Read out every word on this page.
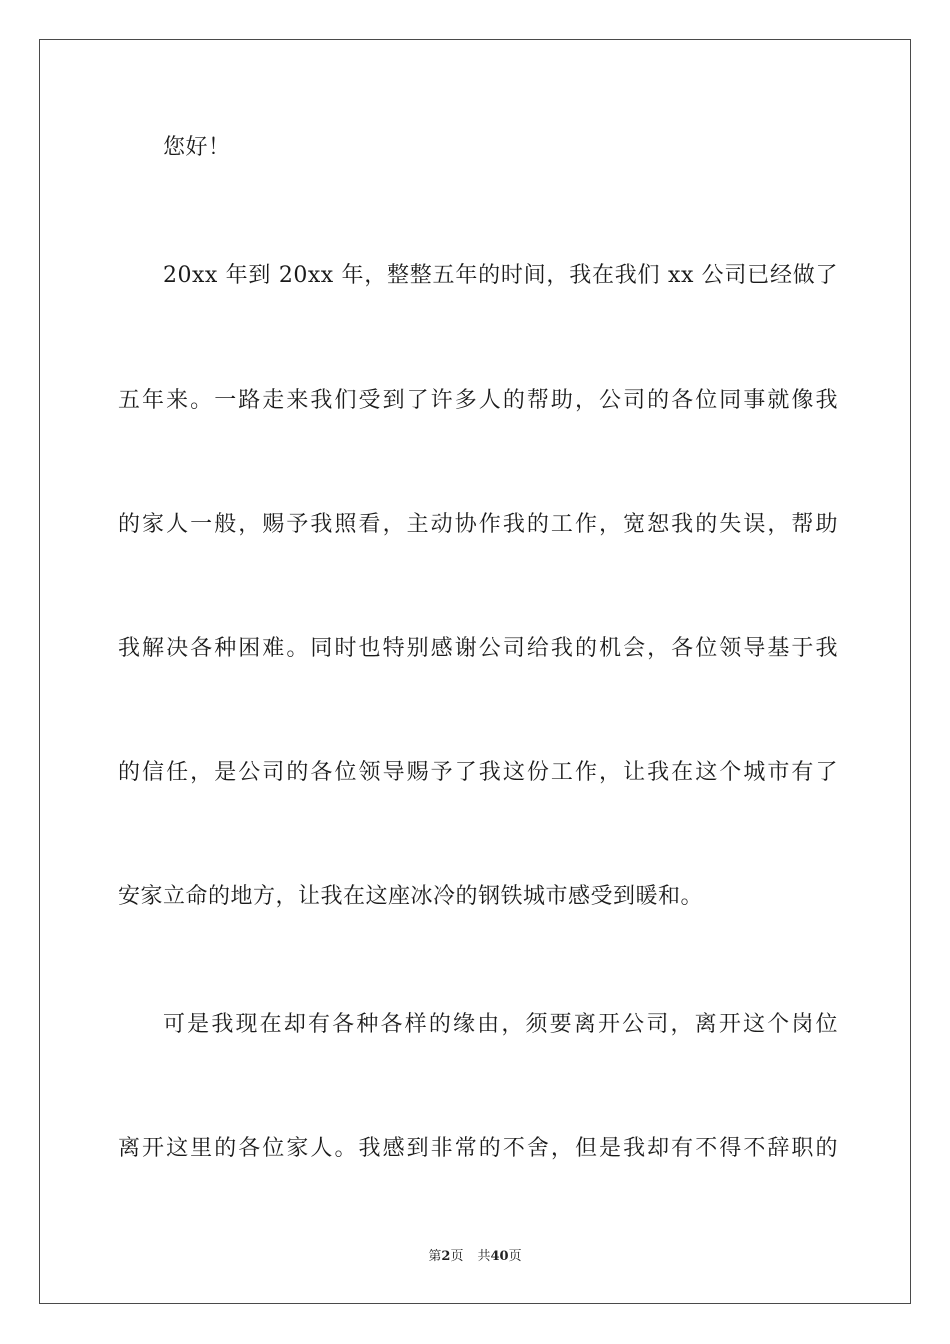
您好！
20xx 年到 20xx 年，整整五年的时间，我在我们 xx 公司已经做了
五年来。一路走来我们受到了许多人的帮助，公司的各位同事就像我
的家人一般，赐予我照看，主动协作我的工作，宽恕我的失误，帮助
我解决各种困难。同时也特别感谢公司给我的机会，各位领导基于我
的信任，是公司的各位领导赐予了我这份工作，让我在这个城市有了
安家立命的地方，让我在这座冰冷的钢铁城市感受到暖和。
可是我现在却有各种各样的缘由，须要离开公司，离开这个岗位
离开这里的各位家人。我感到非常的不舍，但是我却有不得不辞职的
第2页 共40页
